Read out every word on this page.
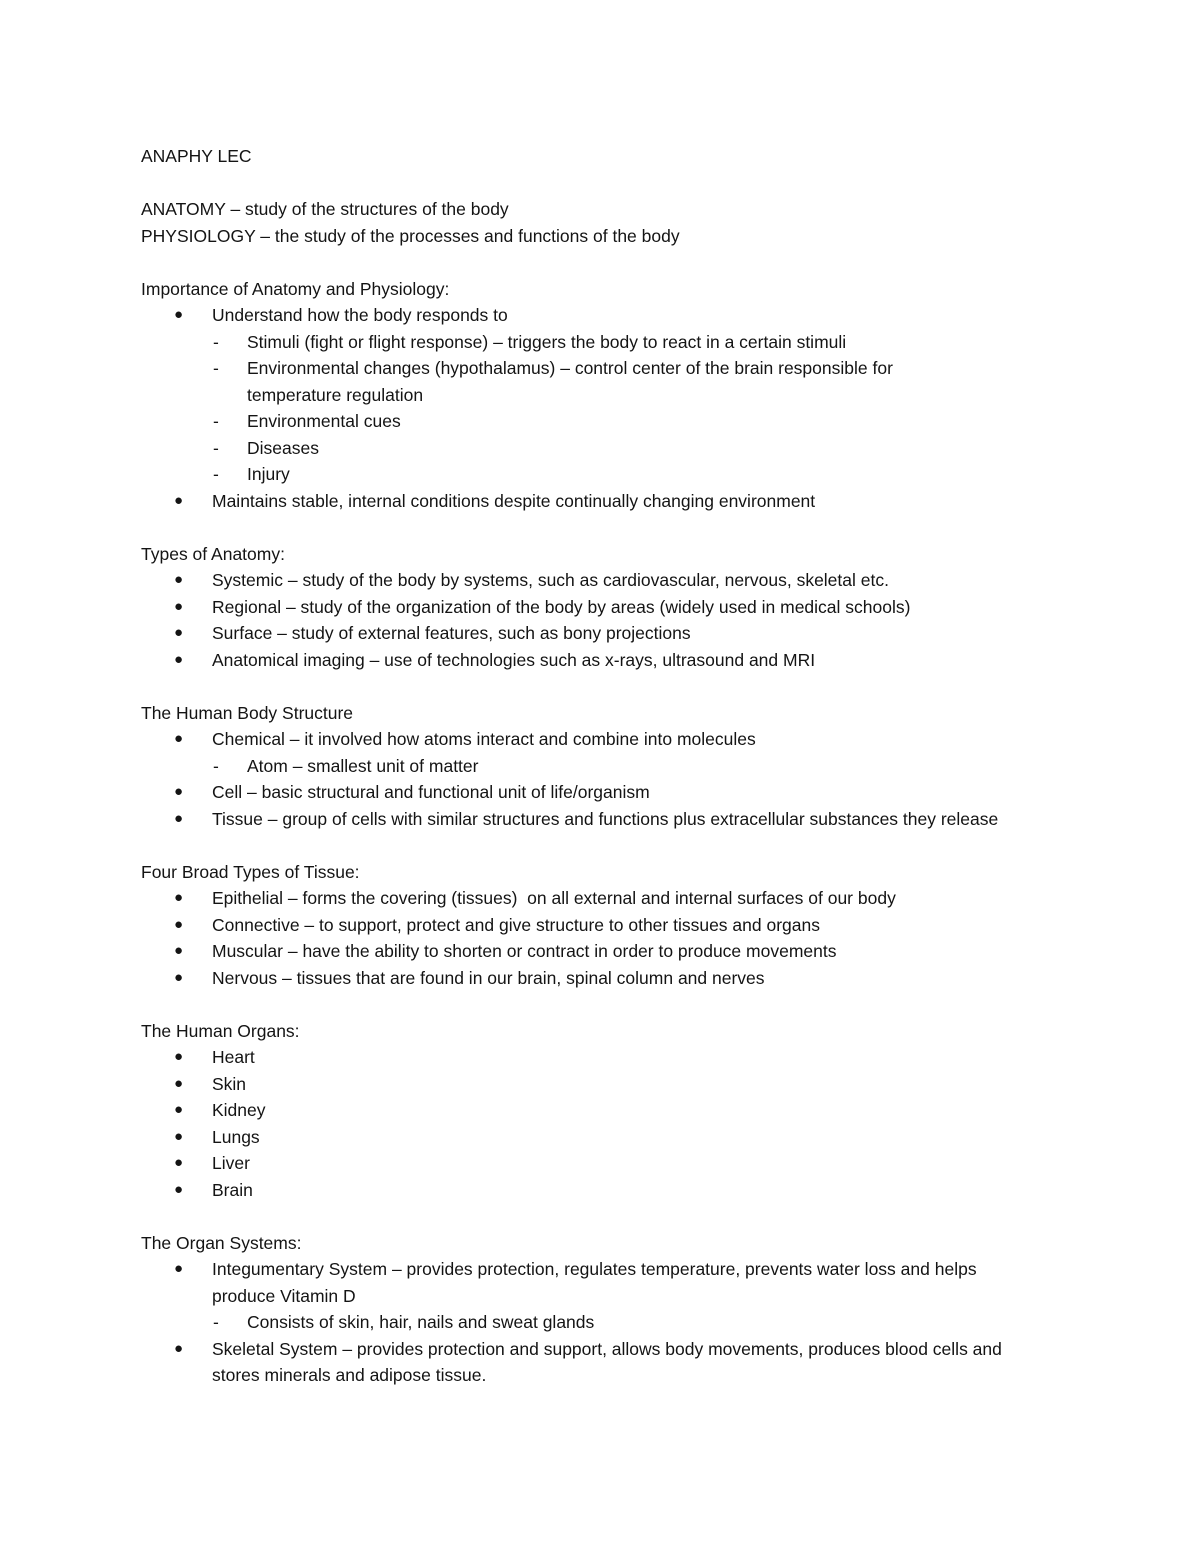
ANAPHY LEC
ANATOMY – study of the structures of the body
PHYSIOLOGY – the study of the processes and functions of the body
Importance of Anatomy and Physiology:
● Understand how the body responds to
- Stimuli (fight or flight response) – triggers the body to react in a certain stimuli
- Environmental changes (hypothalamus) – control center of the brain responsible for temperature regulation
- Environmental cues
- Diseases
- Injury
● Maintains stable, internal conditions despite continually changing environment
Types of Anatomy:
● Systemic – study of the body by systems, such as cardiovascular, nervous, skeletal etc.
● Regional – study of the organization of the body by areas (widely used in medical schools)
● Surface – study of external features, such as bony projections
● Anatomical imaging – use of technologies such as x-rays, ultrasound and MRI
The Human Body Structure
● Chemical – it involved how atoms interact and combine into molecules
- Atom – smallest unit of matter
● Cell – basic structural and functional unit of life/organism
● Tissue – group of cells with similar structures and functions plus extracellular substances they release
Four Broad Types of Tissue:
● Epithelial – forms the covering (tissues)  on all external and internal surfaces of our body
● Connective – to support, protect and give structure to other tissues and organs
● Muscular – have the ability to shorten or contract in order to produce movements
● Nervous – tissues that are found in our brain, spinal column and nerves
The Human Organs:
● Heart
● Skin
● Kidney
● Lungs
● Liver
● Brain
The Organ Systems:
● Integumentary System – provides protection, regulates temperature, prevents water loss and helps produce Vitamin D
- Consists of skin, hair, nails and sweat glands
● Skeletal System – provides protection and support, allows body movements, produces blood cells and stores minerals and adipose tissue.
